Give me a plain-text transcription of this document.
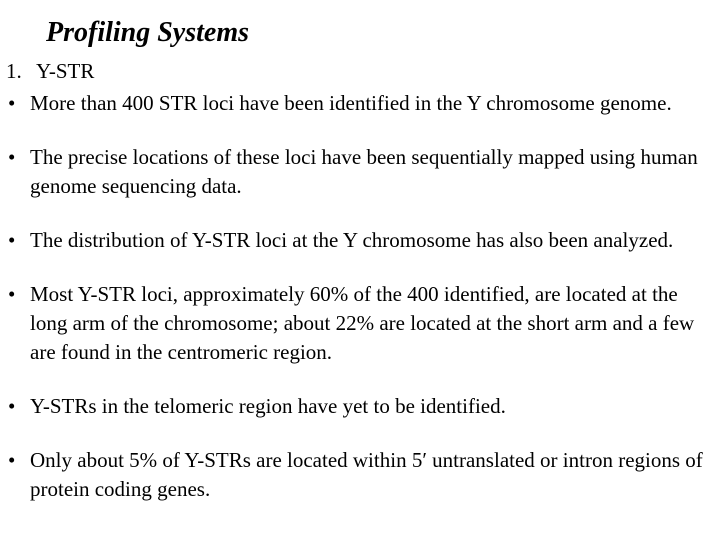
Profiling Systems
1. Y-STR
• More than 400 STR loci have been identified in the Y chromosome genome.
• The precise locations of these loci have been sequentially mapped using human genome sequencing data.
• The distribution of Y-STR loci at the Y chromosome has also been analyzed.
• Most Y-STR loci, approximately 60% of the 400 identified, are located at the long arm of the chromosome; about 22% are located at the short arm and a few are found in the centromeric region.
• Y-STRs in the telomeric region have yet to be identified.
• Only about 5% of Y-STRs are located within 5′ untranslated or intron regions of protein coding genes.
